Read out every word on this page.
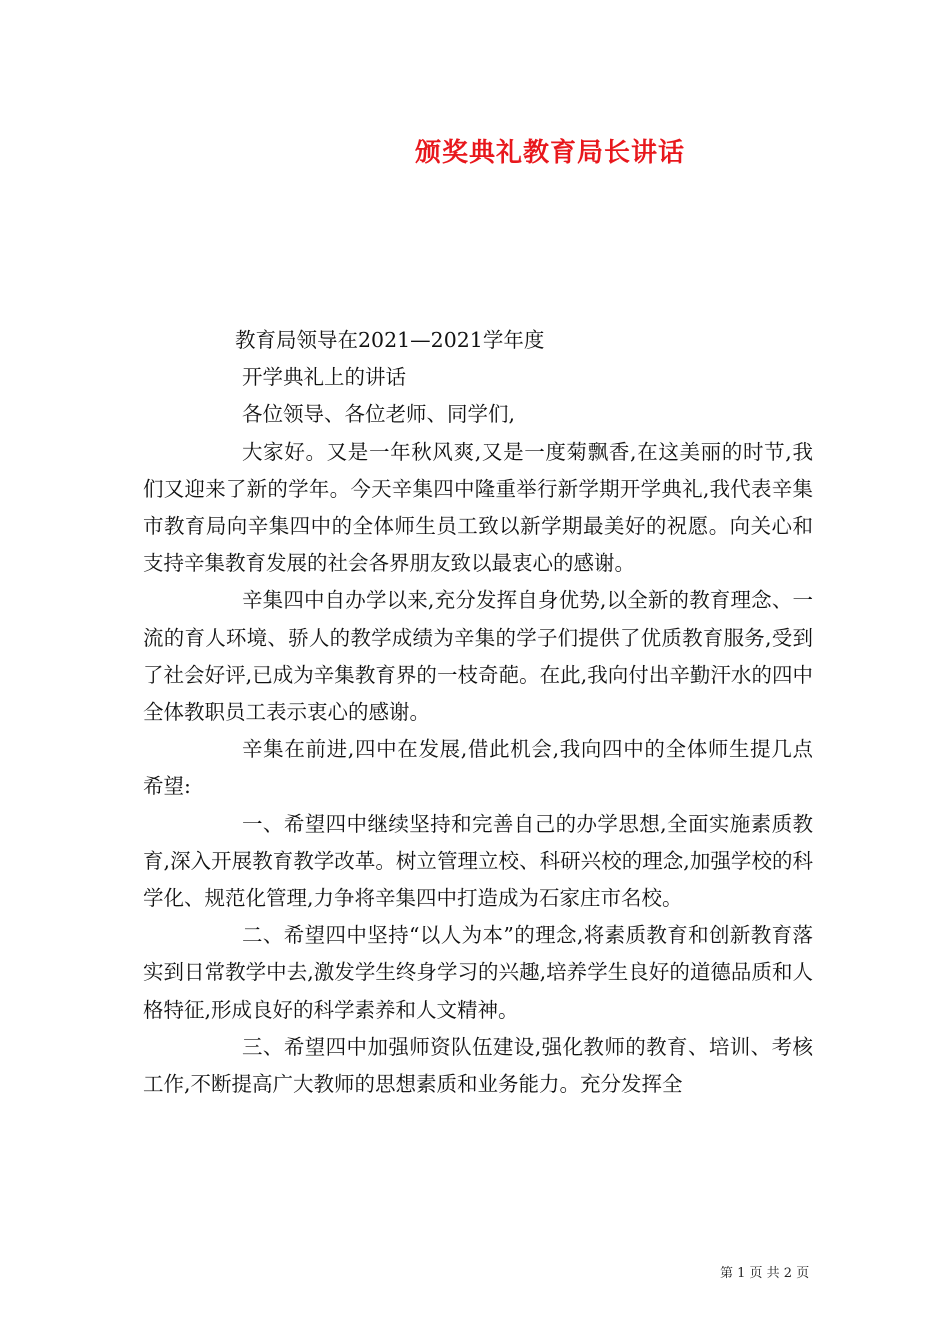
颁奖典礼教育局长讲话
教育局领导在2021—2021学年度
开学典礼上的讲话
各位领导、各位老师、同学们,

大家好。又是一年秋风爽,又是一度菊飘香,在这美丽的时节,我们又迎来了新的学年。今天辛集四中隆重举行新学期开学典礼,我代表辛集市教育局向辛集四中的全体师生员工致以新学期最美好的祝愿。向关心和支持辛集教育发展的社会各界朋友致以最衷心的感谢。

辛集四中自办学以来,充分发挥自身优势,以全新的教育理念、一流的育人环境、骄人的教学成绩为辛集的学子们提供了优质教育服务,受到了社会好评,已成为辛集教育界的一枝奇葩。在此,我向付出辛勤汗水的四中全体教职员工表示衷心的感谢。

辛集在前进,四中在发展,借此机会,我向四中的全体师生提几点希望:

一、希望四中继续坚持和完善自己的办学思想,全面实施素质教育,深入开展教育教学改革。树立管理立校、科研兴校的理念,加强学校的科学化、规范化管理,力争将辛集四中打造成为石家庄市名校。

二、希望四中坚持“以人为本”的理念,将素质教育和创新教育落实到日常教学中去,激发学生终身学习的兴趣,培养学生良好的道德品质和人格特征,形成良好的科学素养和人文精神。

三、希望四中加强师资队伍建设,强化教师的教育、培训、考核工作,不断提高广大教师的思想素质和业务能力。充分发挥全

第 1 页 共 2 页
